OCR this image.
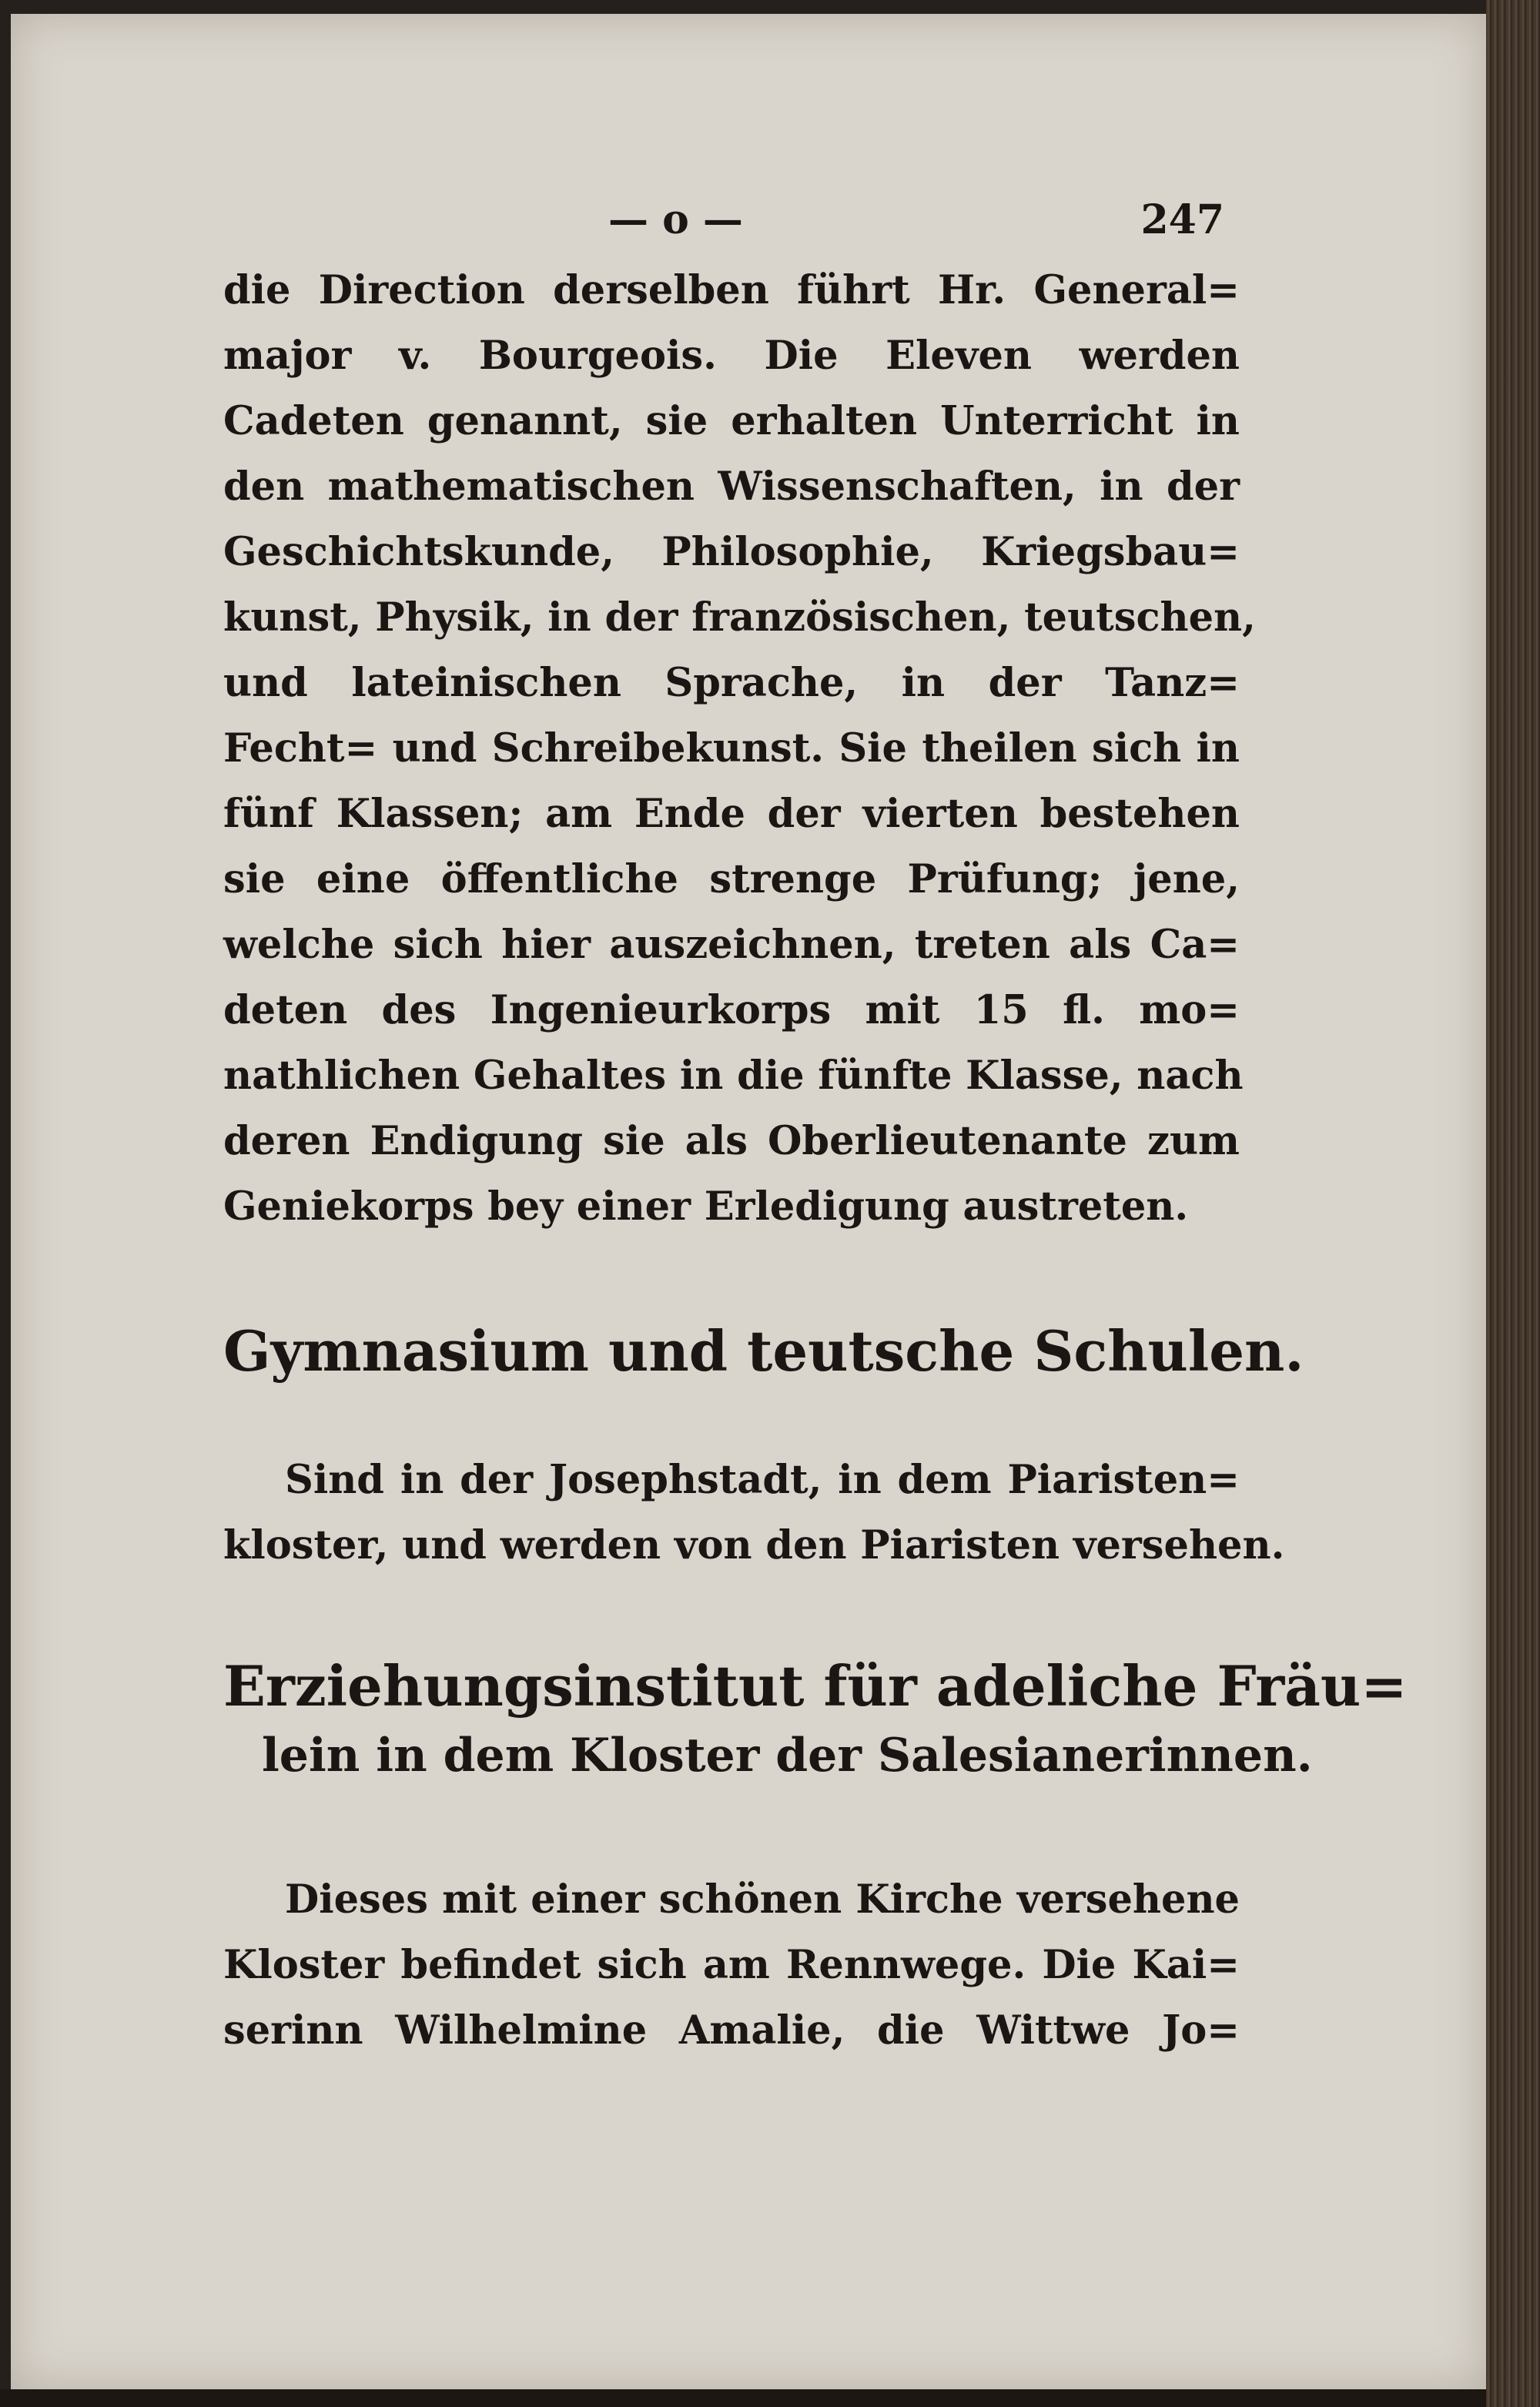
— o —	247
die Direction derselben führt Hr. General=
major v. Bourgeois. Die Eleven werden
Cadeten genannt, sie erhalten Unterricht in
den mathematischen Wissenschaften, in der
Geschichtskunde, Philosophie, Kriegsbau=
kunst, Physik, in der französischen, teutschen,
und lateinischen Sprache, in der Tanz=
Fecht= und Schreibekunst. Sie theilen sich in
fünf Klassen; am Ende der vierten bestehen
sie eine öffentliche strenge Prüfung; jene,
welche sich hier auszeichnen, treten als Ca=
deten des Ingenieurkorps mit 15 fl. mo=
nathlichen Gehaltes in die fünfte Klasse, nach
deren Endigung sie als Oberlieutenante zum
Geniekorps bey einer Erledigung austreten.
Gymnasium und teutsche Schulen.
Sind in der Josephstadt, in dem Piaristen=
kloster, und werden von den Piaristen versehen.
Erziehungsinstitut für adeliche Fräu=
lein in dem Kloster der Salesianerinnen.
Dieses mit einer schönen Kirche versehene
Kloster befindet sich am Rennwege. Die Kai=
serinn Wilhelmine Amalie, die Wittwe Jo=
